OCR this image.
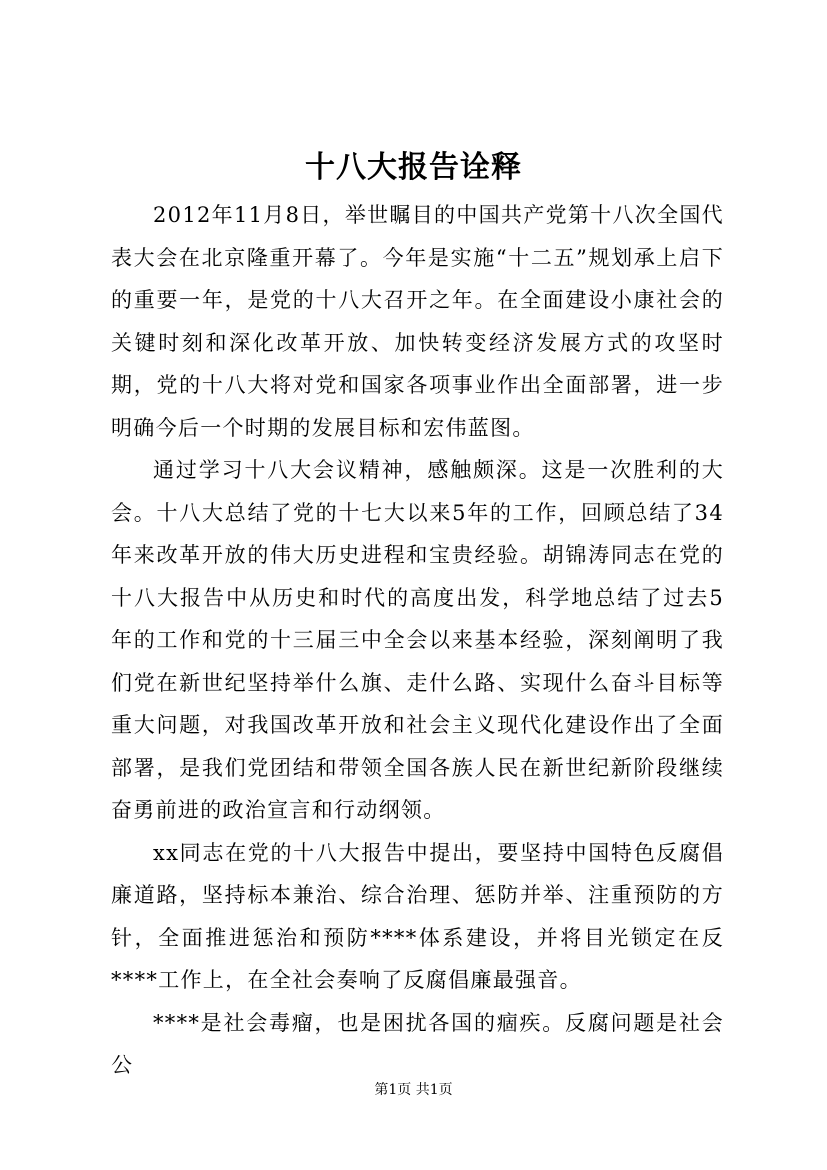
十八大报告诠释

2012年11月8日，举世瞩目的中国共产党第十八次全国代表大会在北京隆重开幕了。今年是实施“十二五”规划承上启下的重要一年，是党的十八大召开之年。在全面建设小康社会的关键时刻和深化改革开放、加快转变经济发展方式的攻坚时期，党的十八大将对党和国家各项事业作出全面部署，进一步明确今后一个时期的发展目标和宏伟蓝图。

通过学习十八大会议精神，感触颇深。这是一次胜利的大会。十八大总结了党的十七大以来5年的工作，回顾总结了34年来改革开放的伟大历史进程和宝贵经验。胡锦涛同志在党的十八大报告中从历史和时代的高度出发，科学地总结了过去5年的工作和党的十三届三中全会以来基本经验，深刻阐明了我们党在新世纪坚持举什么旗、走什么路、实现什么奋斗目标等重大问题，对我国改革开放和社会主义现代化建设作出了全面部署，是我们党团结和带领全国各族人民在新世纪新阶段继续奋勇前进的政治宣言和行动纲领。

xx同志在党的十八大报告中提出，要坚持中国特色反腐倡廉道路，坚持标本兼治、综合治理、惩防并举、注重预防的方针，全面推进惩治和预防****体系建设，并将目光锁定在反****工作上，在全社会奏响了反腐倡廉最强音。

****是社会毒瘤，也是困扰各国的痼疾。反腐问题是社会公

第1页 共1页
